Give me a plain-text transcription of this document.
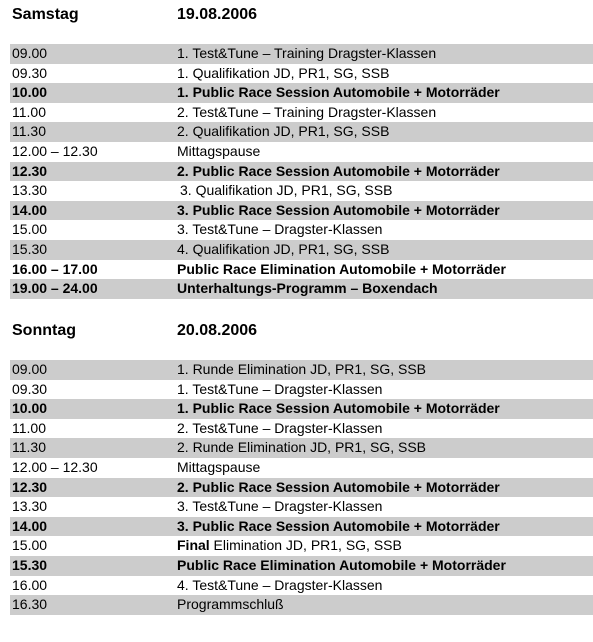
Samstag	19.08.2006
09.00	1. Test&Tune – Training Dragster-Klassen
09.30	1. Qualifikation JD, PR1, SG, SSB
10.00	1. Public Race Session Automobile + Motorräder
11.00	2. Test&Tune – Training Dragster-Klassen
11.30	2. Qualifikation JD, PR1, SG, SSB
12.00 – 12.30	Mittagspause
12.30	2. Public Race Session Automobile + Motorräder
13.30	3. Qualifikation JD, PR1, SG, SSB
14.00	3. Public Race Session Automobile + Motorräder
15.00	3. Test&Tune – Dragster-Klassen
15.30	4. Qualifikation JD, PR1, SG, SSB
16.00 – 17.00	Public Race Elimination Automobile + Motorräder
19.00 – 24.00	Unterhaltungs-Programm – Boxendach
Sonntag	20.08.2006
09.00	1. Runde Elimination JD, PR1, SG, SSB
09.30	1. Test&Tune – Dragster-Klassen
10.00	1. Public Race Session Automobile + Motorräder
11.00	2. Test&Tune – Dragster-Klassen
11.30	2. Runde Elimination JD, PR1, SG, SSB
12.00 – 12.30	Mittagspause
12.30	2. Public Race Session Automobile + Motorräder
13.30	3. Test&Tune – Dragster-Klassen
14.00	3. Public Race Session Automobile + Motorräder
15.00	Final Elimination JD, PR1, SG, SSB
15.30	Public Race Elimination Automobile + Motorräder
16.00	4. Test&Tune – Dragster-Klassen
16.30	Programmschluß
